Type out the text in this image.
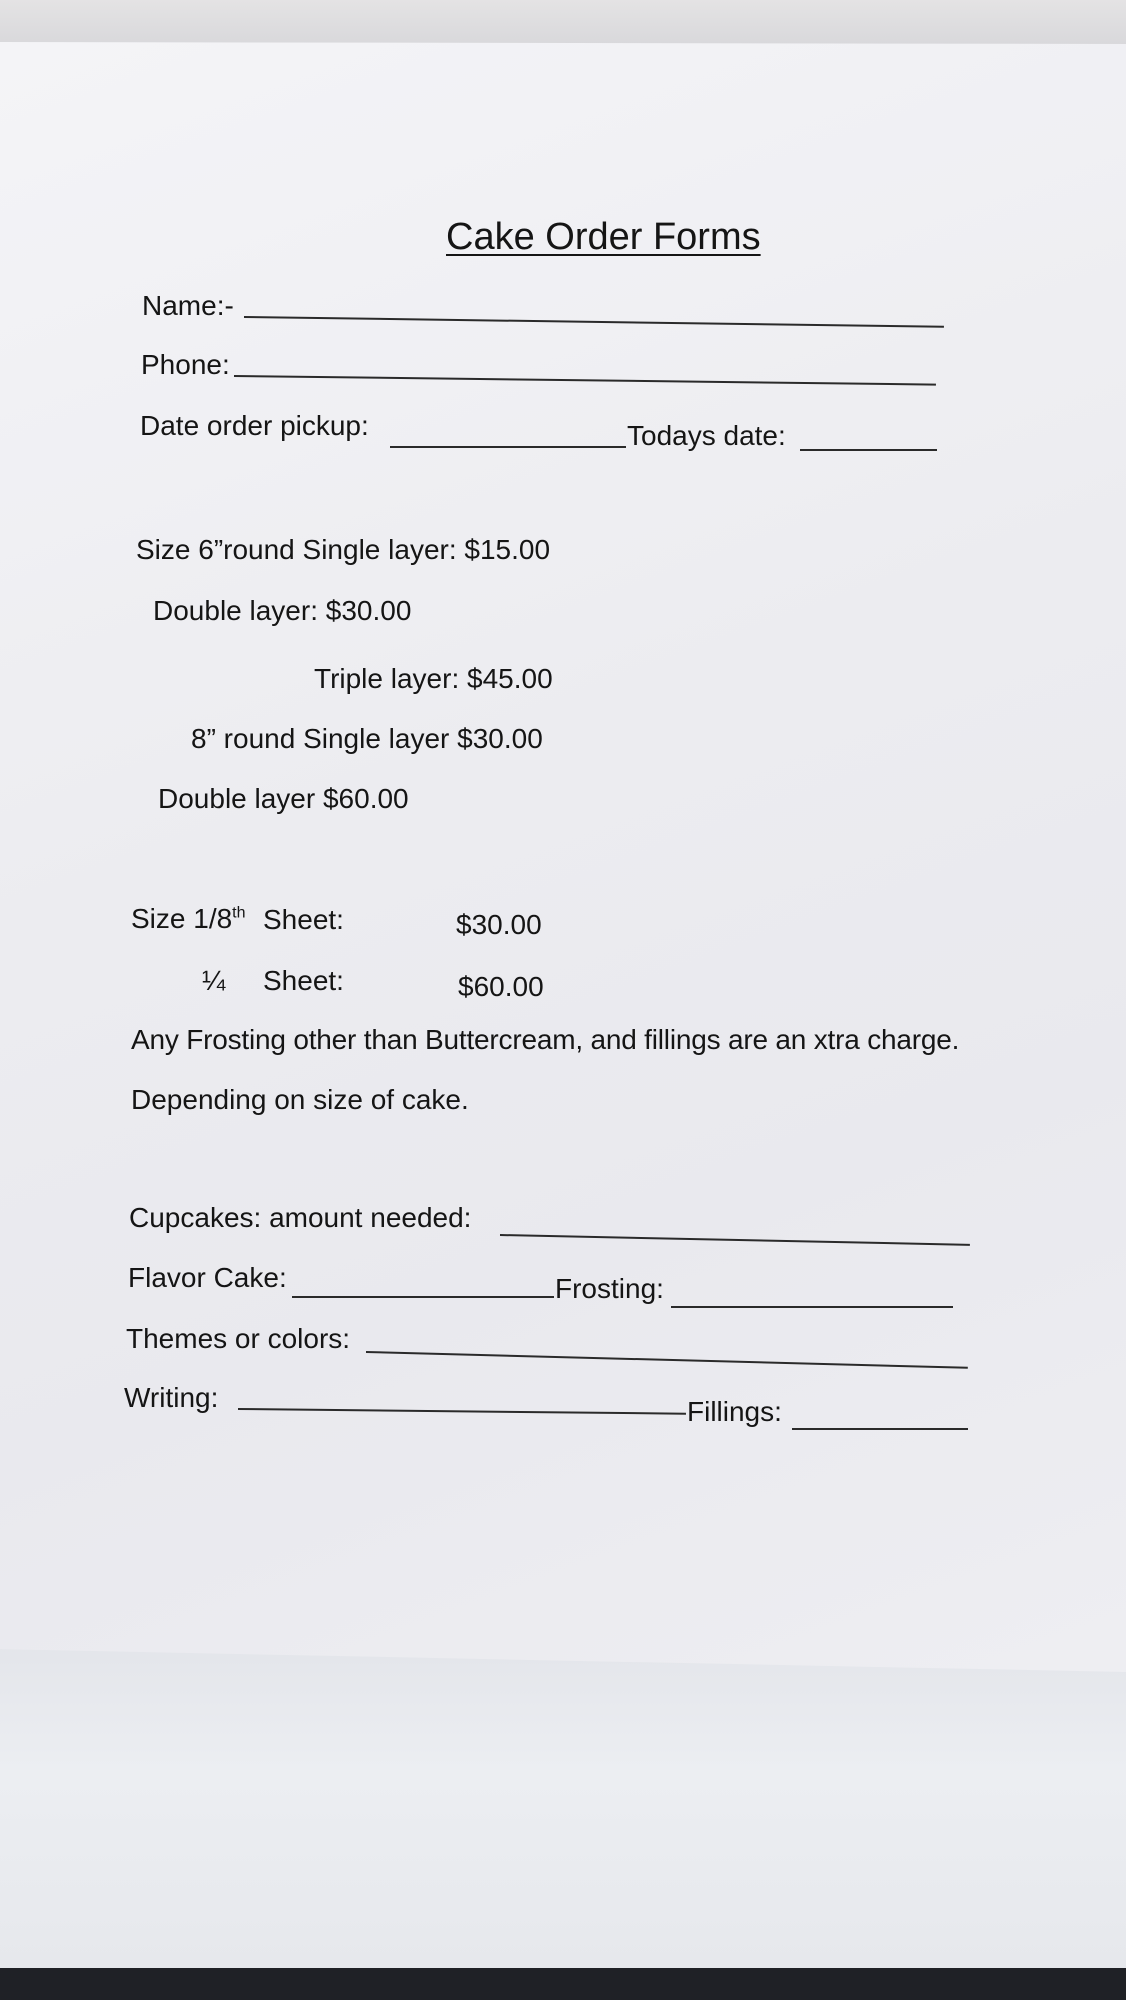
Cake Order Forms
Name:-
Phone:
Date order pickup:	Todays date:
Size 6”round Single layer: $15.00
Double layer: $30.00
Triple layer: $45.00
8” round Single layer $30.00
Double layer $60.00
Size 1/8th Sheet:	$30.00
¼ Sheet:	$60.00
Any Frosting other than Buttercream, and fillings are an xtra charge.
Depending on size of cake.
Cupcakes: amount needed:
Flavor Cake:	Frosting:
Themes or colors:
Writing:	Fillings:
